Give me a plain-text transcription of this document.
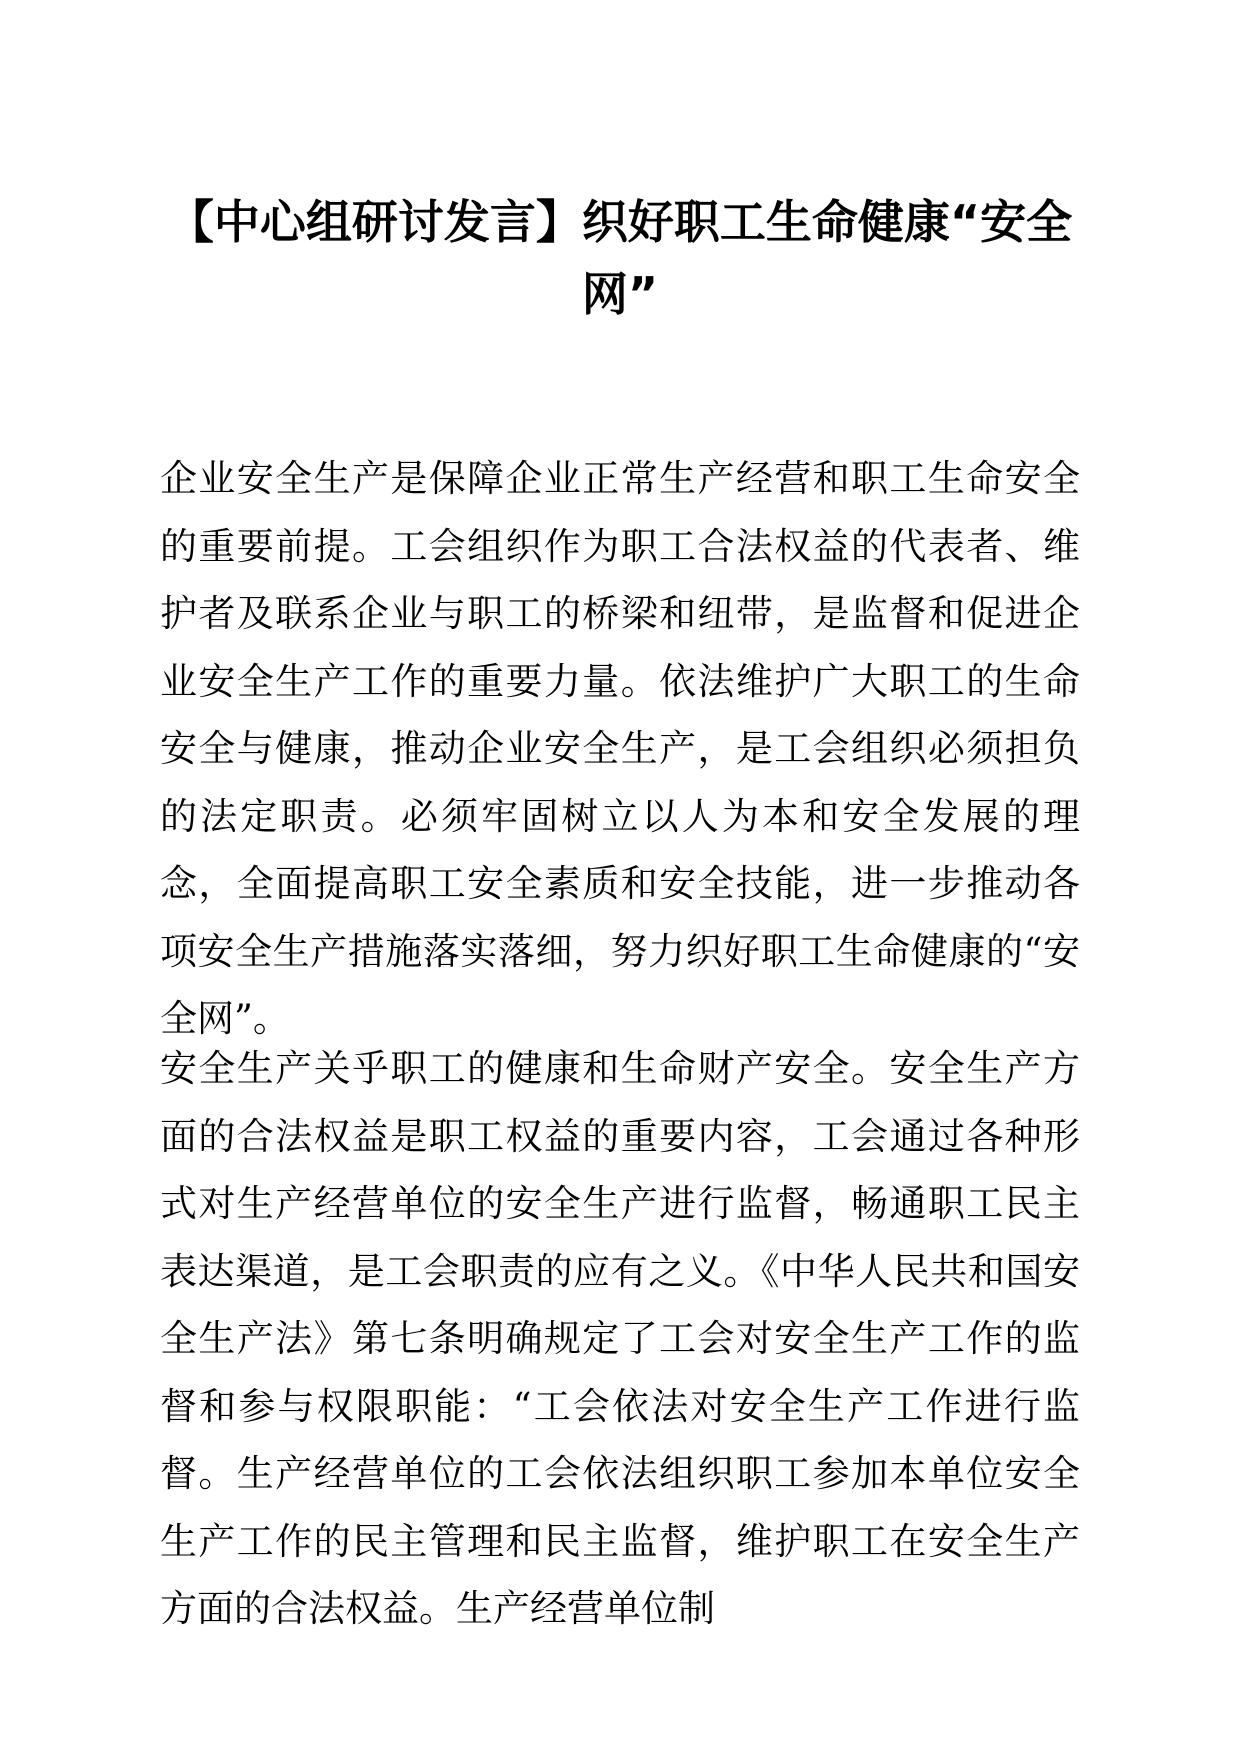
【中心组研讨发言】织好职工生命健康“安全网”

企业安全生产是保障企业正常生产经营和职工生命安全的重要前提。工会组织作为职工合法权益的代表者、维护者及联系企业与职工的桥梁和纽带，是监督和促进企业安全生产工作的重要力量。依法维护广大职工的生命安全与健康，推动企业安全生产，是工会组织必须担负的法定职责。必须牢固树立以人为本和安全发展的理念，全面提高职工安全素质和安全技能，进一步推动各项安全生产措施落实落细，努力织好职工生命健康的“安全网”。

安全生产关乎职工的健康和生命财产安全。安全生产方面的合法权益是职工权益的重要内容，工会通过各种形式对生产经营单位的安全生产进行监督，畅通职工民主表达渠道，是工会职责的应有之义。《中华人民共和国安全生产法》第七条明确规定了工会对安全生产工作的监督和参与权限职能：“工会依法对安全生产工作进行监督。生产经营单位的工会依法组织职工参加本单位安全生产工作的民主管理和民主监督，维护职工在安全生产方面的合法权益。生产经营单位制
